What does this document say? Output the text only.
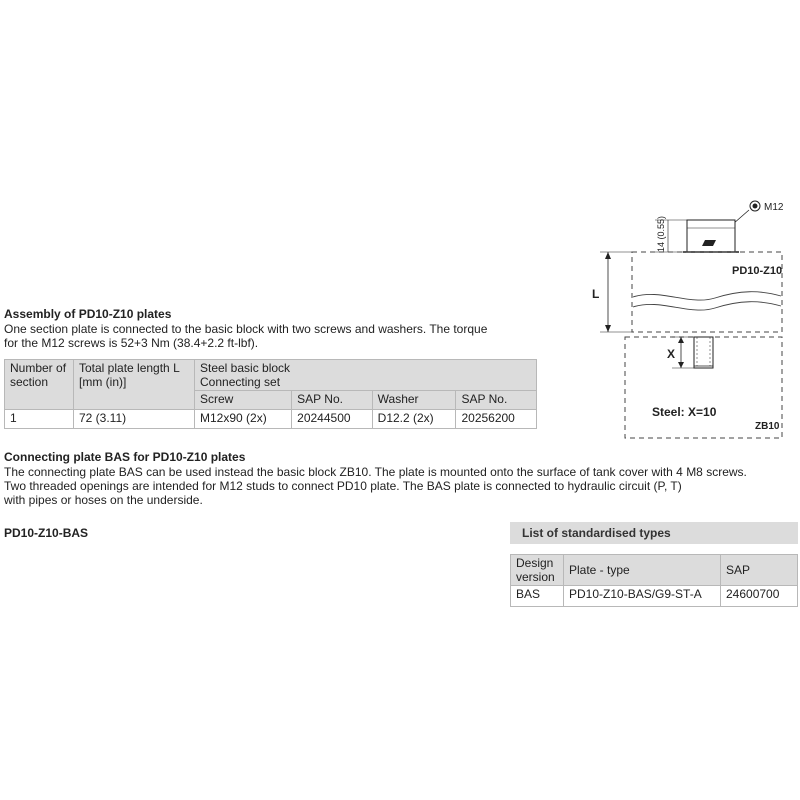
M12
14 (0.55)
PD10-Z10
L
X
Steel: X=10
ZB10
Assembly of PD10-Z10 plates
One section plate is connected to the basic block with two screws and washers. The torque
for the M12 screws is 52+3 Nm (38.4+2.2 ft-lbf).
Number of section	Total plate length L [mm (in)]	Steel basic block
Connecting set			

		Screw	SAP No.	Washer	SAP No.
1	72 (3.11)	M12x90 (2x)	20244500	D12.2 (2x)	20256200
Connecting plate BAS for PD10-Z10 plates
The connecting plate BAS can be used instead the basic block ZB10. The plate is mounted onto the surface of tank cover with 4 M8 screws.
Two threaded openings are intended for M12 studs to connect PD10 plate. The BAS plate is connected to hydraulic circuit (P, T)
with pipes or hoses on the underside.
PD10-Z10-BAS	List of standardised types
Design version	Plate - type	SAP
BAS	PD10-Z10-BAS/G9-ST-A	24600700
